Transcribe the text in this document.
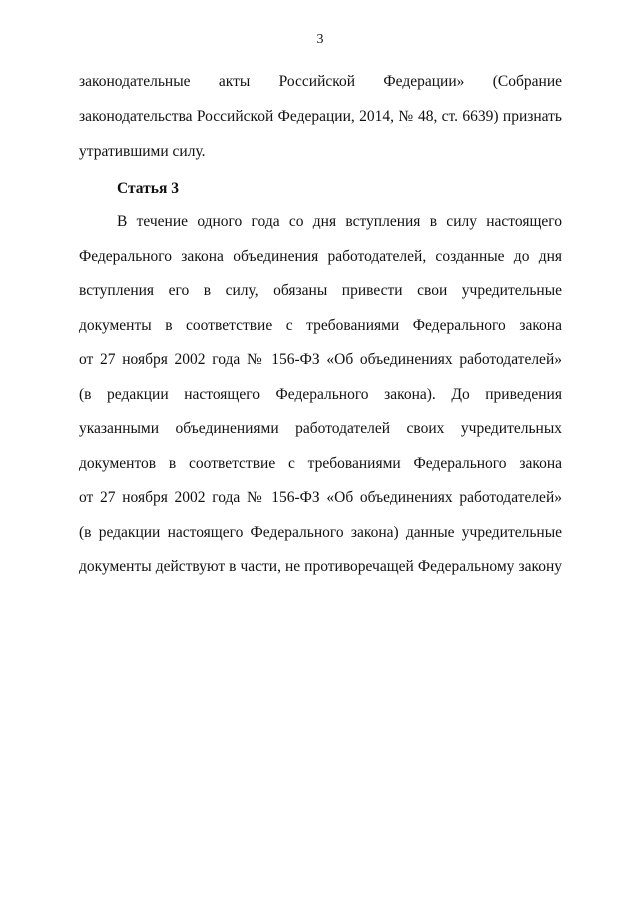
3
законодательные акты Российской Федерации» (Собрание
законодательства Российской Федерации, 2014, № 48, ст. 6639) признать
утратившими силу.
Статья 3
В течение одного года со дня вступления в силу настоящего
Федерального закона объединения работодателей, созданные до дня
вступления его в силу, обязаны привести свои учредительные
документы в соответствие с требованиями Федерального закона
от 27 ноября 2002 года № 156-ФЗ «Об объединениях работодателей»
(в редакции настоящего Федерального закона). До приведения
указанными объединениями работодателей своих учредительных
документов в соответствие с требованиями Федерального закона
от 27 ноября 2002 года № 156-ФЗ «Об объединениях работодателей»
(в редакции настоящего Федерального закона) данные учредительные
документы действуют в части, не противоречащей Федеральному закону
